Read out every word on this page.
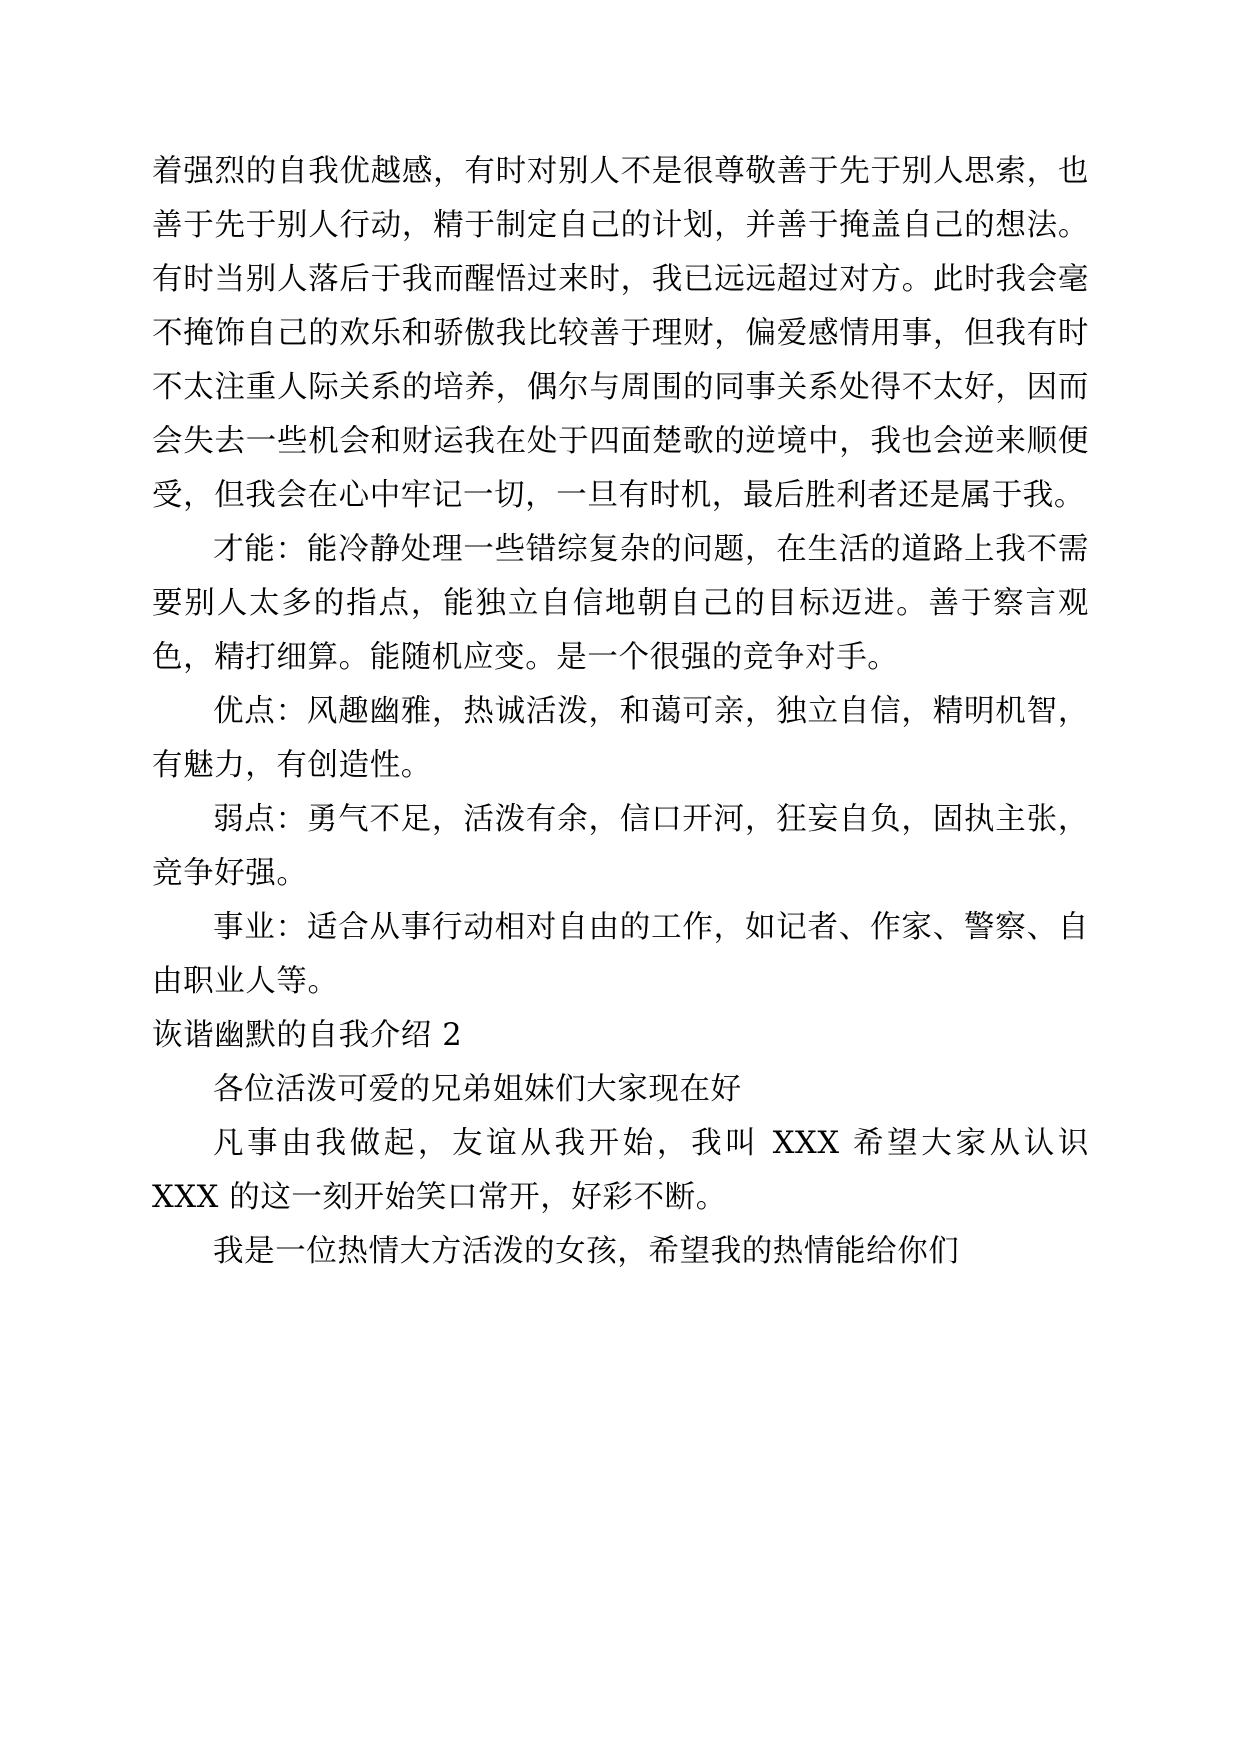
着强烈的自我优越感，有时对别人不是很尊敬善于先于别人思索，也善于先于别人行动，精于制定自己的计划，并善于掩盖自己的想法。有时当别人落后于我而醒悟过来时，我已远远超过对方。此时我会毫不掩饰自己的欢乐和骄傲我比较善于理财，偏爱感情用事，但我有时不太注重人际关系的培养，偶尔与周围的同事关系处得不太好，因而会失去一些机会和财运我在处于四面楚歌的逆境中，我也会逆来顺便受，但我会在心中牢记一切，一旦有时机，最后胜利者还是属于我。

才能：能冷静处理一些错综复杂的问题，在生活的道路上我不需要别人太多的指点，能独立自信地朝自己的目标迈进。善于察言观色，精打细算。能随机应变。是一个很强的竞争对手。

优点：风趣幽雅，热诚活泼，和蔼可亲，独立自信，精明机智，有魅力，有创造性。

弱点：勇气不足，活泼有余，信口开河，狂妄自负，固执主张，竞争好强。

事业：适合从事行动相对自由的工作，如记者、作家、警察、自由职业人等。

诙谐幽默的自我介绍 2

各位活泼可爱的兄弟姐妹们大家现在好

凡事由我做起，友谊从我开始，我叫 XXX 希望大家从认识 XXX 的这一刻开始笑口常开，好彩不断。

我是一位热情大方活泼的女孩，希望我的热情能给你们
